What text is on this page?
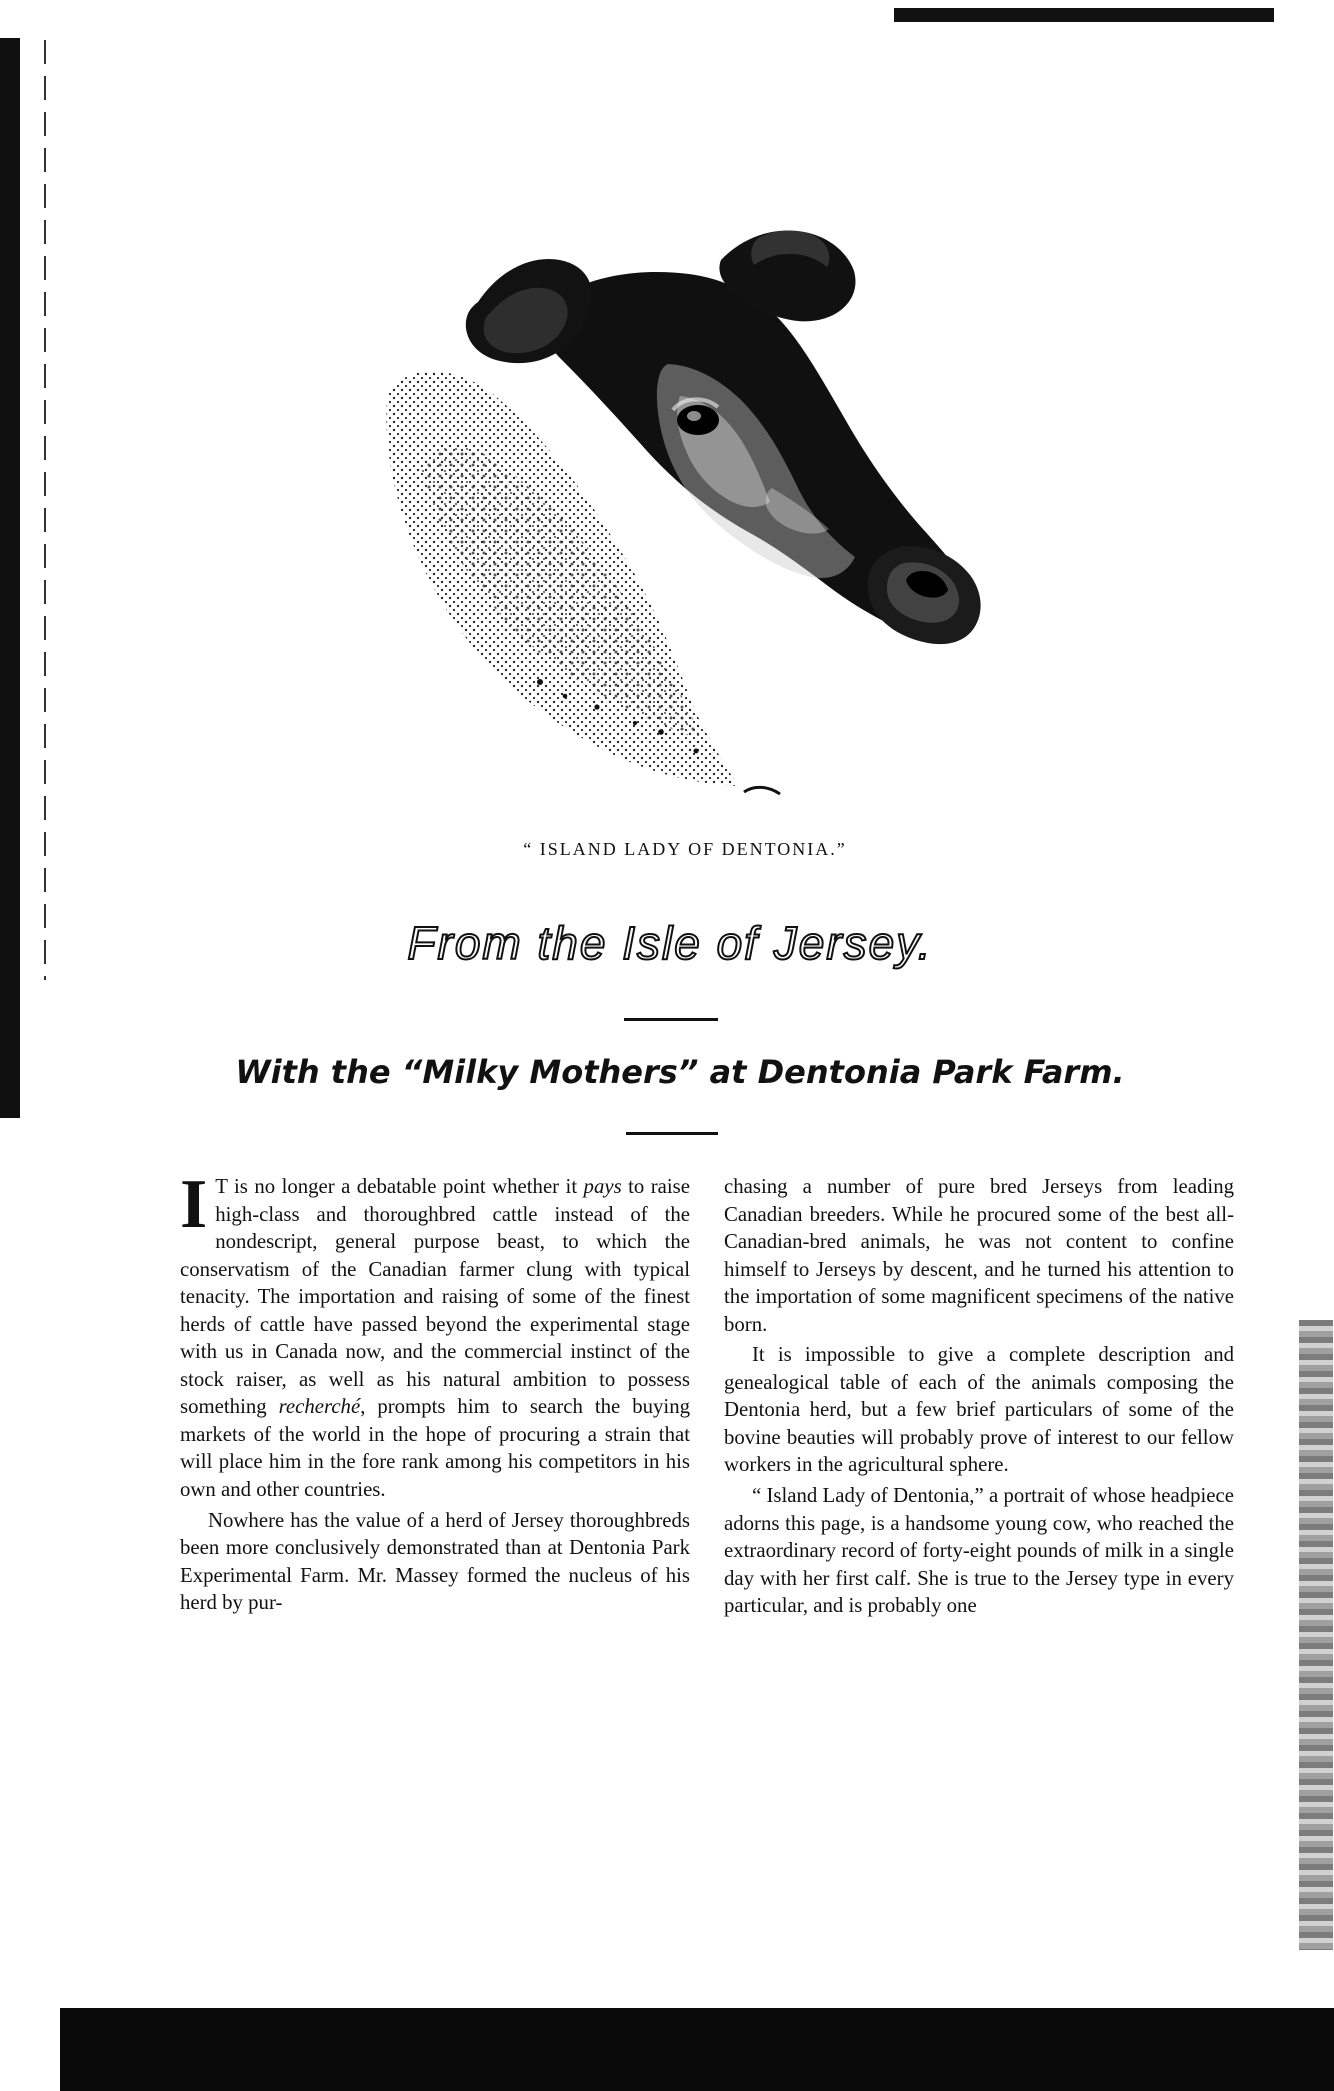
“ ISLAND LADY OF DENTONIA.”
From the Isle of Jersey.
With the “Milky Mothers” at Dentonia Park Farm.

I T is no longer a debatable point whether it pays to raise high-class and thoroughbred cattle instead of the nondescript, general purpose beast, to which the conservatism of the Canadian farmer clung with typical tenacity. The importation and raising of some of the finest herds of cattle have passed beyond the experimental stage with us in Canada now, and the commercial instinct of the stock raiser, as well as his natural ambition to possess something recherché, prompts him to search the buying markets of the world in the hope of procuring a strain that will place him in the fore rank among his competitors in his own and other countries.

Nowhere has the value of a herd of Jersey thoroughbreds been more conclusively demonstrated than at Dentonia Park Experimental Farm. Mr. Massey formed the nucleus of his herd by pur-

chasing a number of pure bred Jerseys from leading Canadian breeders. While he procured some of the best all-Canadian-bred animals, he was not content to confine himself to Jerseys by descent, and he turned his attention to the importation of some magnificent specimens of the native born.

It is impossible to give a complete description and genealogical table of each of the animals composing the Dentonia herd, but a few brief particulars of some of the bovine beauties will probably prove of interest to our fellow workers in the agricultural sphere.

“ Island Lady of Dentonia,” a portrait of whose headpiece adorns this page, is a handsome young cow, who reached the extraordinary record of forty-eight pounds of milk in a single day with her first calf. She is true to the Jersey type in every particular, and is probably one
